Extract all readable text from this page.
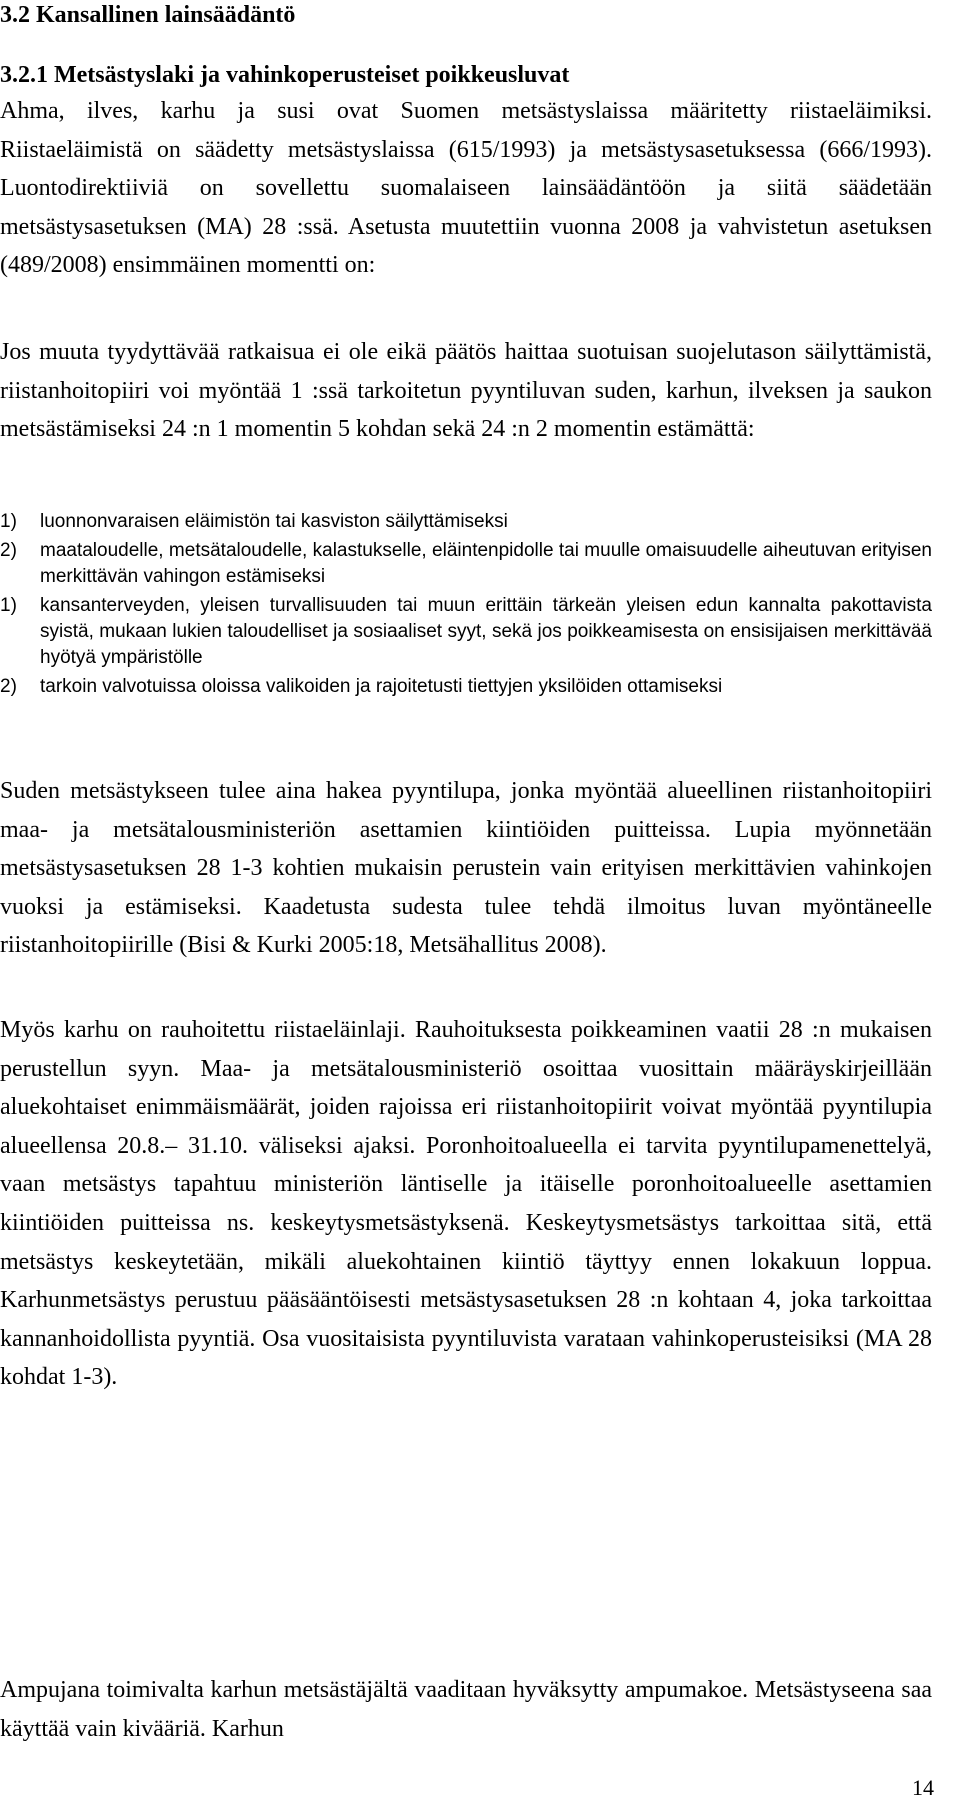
3.2 Kansallinen lainsäädäntö
3.2.1 Metsästyslaki ja vahinkoperusteiset poikkeusluvat

Ahma, ilves, karhu ja susi ovat Suomen metsästyslaissa määritetty riistaeläimiksi. Riistaeläimistä on säädetty metsästyslaissa (615/1993) ja metsästysasetuksessa (666/1993). Luontodirektiiviä on sovellettu suomalaiseen lainsäädäntöön ja siitä säädetään metsästysasetuksen (MA) 28 :ssä. Asetusta muutettiin vuonna 2008 ja vahvistetun asetuksen (489/2008) ensimmäinen momentti on:

Jos muuta tyydyttävää ratkaisua ei ole eikä päätös haittaa suotuisan suojelutason säilyttämistä, riistanhoitopiiri voi myöntää 1 :ssä tarkoitetun pyyntiluvan suden, karhun, ilveksen ja saukon metsästämiseksi 24 :n 1 momentin 5 kohdan sekä 24 :n 2 momentin estämättä:

1) luonnonvaraisen eläimistön tai kasviston säilyttämiseksi
2) maataloudelle, metsätaloudelle, kalastukselle, eläintenpidolle tai muulle omaisuudelle aiheutuvan erityisen merkittävän vahingon estämiseksi
1) kansanterveyden, yleisen turvallisuuden tai muun erittäin tärkeän yleisen edun kannalta pakottavista syistä, mukaan lukien taloudelliset ja sosiaaliset syyt, sekä jos poikkeamisesta on ensisijaisen merkittävää hyötyä ympäristölle
2) tarkoin valvotuissa oloissa valikoiden ja rajoitetusti tiettyjen yksilöiden ottamiseksi

Suden metsästykseen tulee aina hakea pyyntilupa, jonka myöntää alueellinen riistanhoitopiiri maa- ja metsätalousministeriön asettamien kiintiöiden puitteissa. Lupia myönnetään metsästysasetuksen 28 1-3 kohtien mukaisin perustein vain erityisen merkittävien vahinkojen vuoksi ja estämiseksi. Kaadetusta sudesta tulee tehdä ilmoitus luvan myöntäneelle riistanhoitopiirille (Bisi & Kurki 2005:18, Metsähallitus 2008).

Myös karhu on rauhoitettu riistaeläinlaji. Rauhoituksesta poikkeaminen vaatii 28 :n mukaisen perustellun syyn. Maa- ja metsätalousministeriö osoittaa vuosittain määräyskirjeillään aluekohtaiset enimmäismäärät, joiden rajoissa eri riistanhoitopiirit voivat myöntää pyyntilupia alueellensa 20.8.– 31.10. väliseksi ajaksi. Poronhoitoalueella ei tarvita pyyntilupamenettelyä, vaan metsästys tapahtuu ministeriön läntiselle ja itäiselle poronhoitoalueelle asettamien kiintiöiden puitteissa ns. keskeytysmetsästyksenä. Keskeytysmetsästys tarkoittaa sitä, että metsästys keskeytetään, mikäli aluekohtainen kiintiö täyttyy ennen lokakuun loppua. Karhunmetsästys perustuu pääsääntöisesti metsästysasetuksen 28 :n kohtaan 4, joka tarkoittaa kannanhoidollista pyyntiä. Osa vuositaisista pyyntiluvista varataan vahinkoperusteisiksi (MA 28 kohdat 1-3).

Ampujana toimivalta karhun metsästäjältä vaaditaan hyväksytty ampumakoe. Metsästyseena saa käyttää vain kivääriä. Karhun

14
